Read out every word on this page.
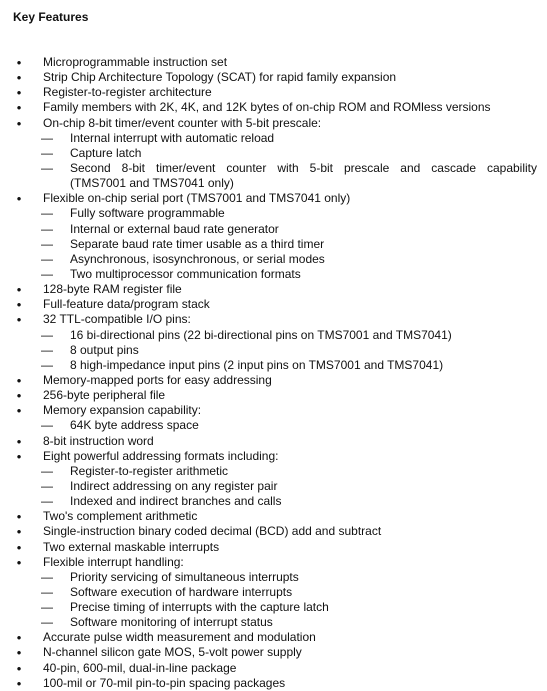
Key Features
•	Microprogrammable instruction set
•	Strip Chip Architecture Topology (SCAT) for rapid family expansion
•	Register-to-register architecture
•	Family members with 2K, 4K, and 12K bytes of on-chip ROM and ROMless versions
•	On-chip 8-bit timer/event counter with 5-bit prescale:
— Internal interrupt with automatic reload
— Capture latch
— Second 8-bit timer/event counter with 5-bit prescale and cascade capability
(TMS7001 and TMS7041 only)
•	Flexible on-chip serial port (TMS7001 and TMS7041 only)
— Fully software programmable
— Internal or external baud rate generator
— Separate baud rate timer usable as a third timer
— Asynchronous, isosynchronous, or serial modes
— Two multiprocessor communication formats
•	128-byte RAM register file
•	Full-feature data/program stack
•	32 TTL-compatible I/O pins:
— 16 bi-directional pins (22 bi-directional pins on TMS7001 and TMS7041)
— 8 output pins
— 8 high-impedance input pins (2 input pins on TMS7001 and TMS7041)
•	Memory-mapped ports for easy addressing
•	256-byte peripheral file
•	Memory expansion capability:
— 64K byte address space
•	8-bit instruction word
•	Eight powerful addressing formats including:
— Register-to-register arithmetic
— Indirect addressing on any register pair
— Indexed and indirect branches and calls
•	Two's complement arithmetic
•	Single-instruction binary coded decimal (BCD) add and subtract
•	Two external maskable interrupts
•	Flexible interrupt handling:
— Priority servicing of simultaneous interrupts
— Software execution of hardware interrupts
— Precise timing of interrupts with the capture latch
— Software monitoring of interrupt status
•	Accurate pulse width measurement and modulation
•	N-channel silicon gate MOS, 5-volt power supply
•	40-pin, 600-mil, dual-in-line package
•	100-mil or 70-mil pin-to-pin spacing packages
